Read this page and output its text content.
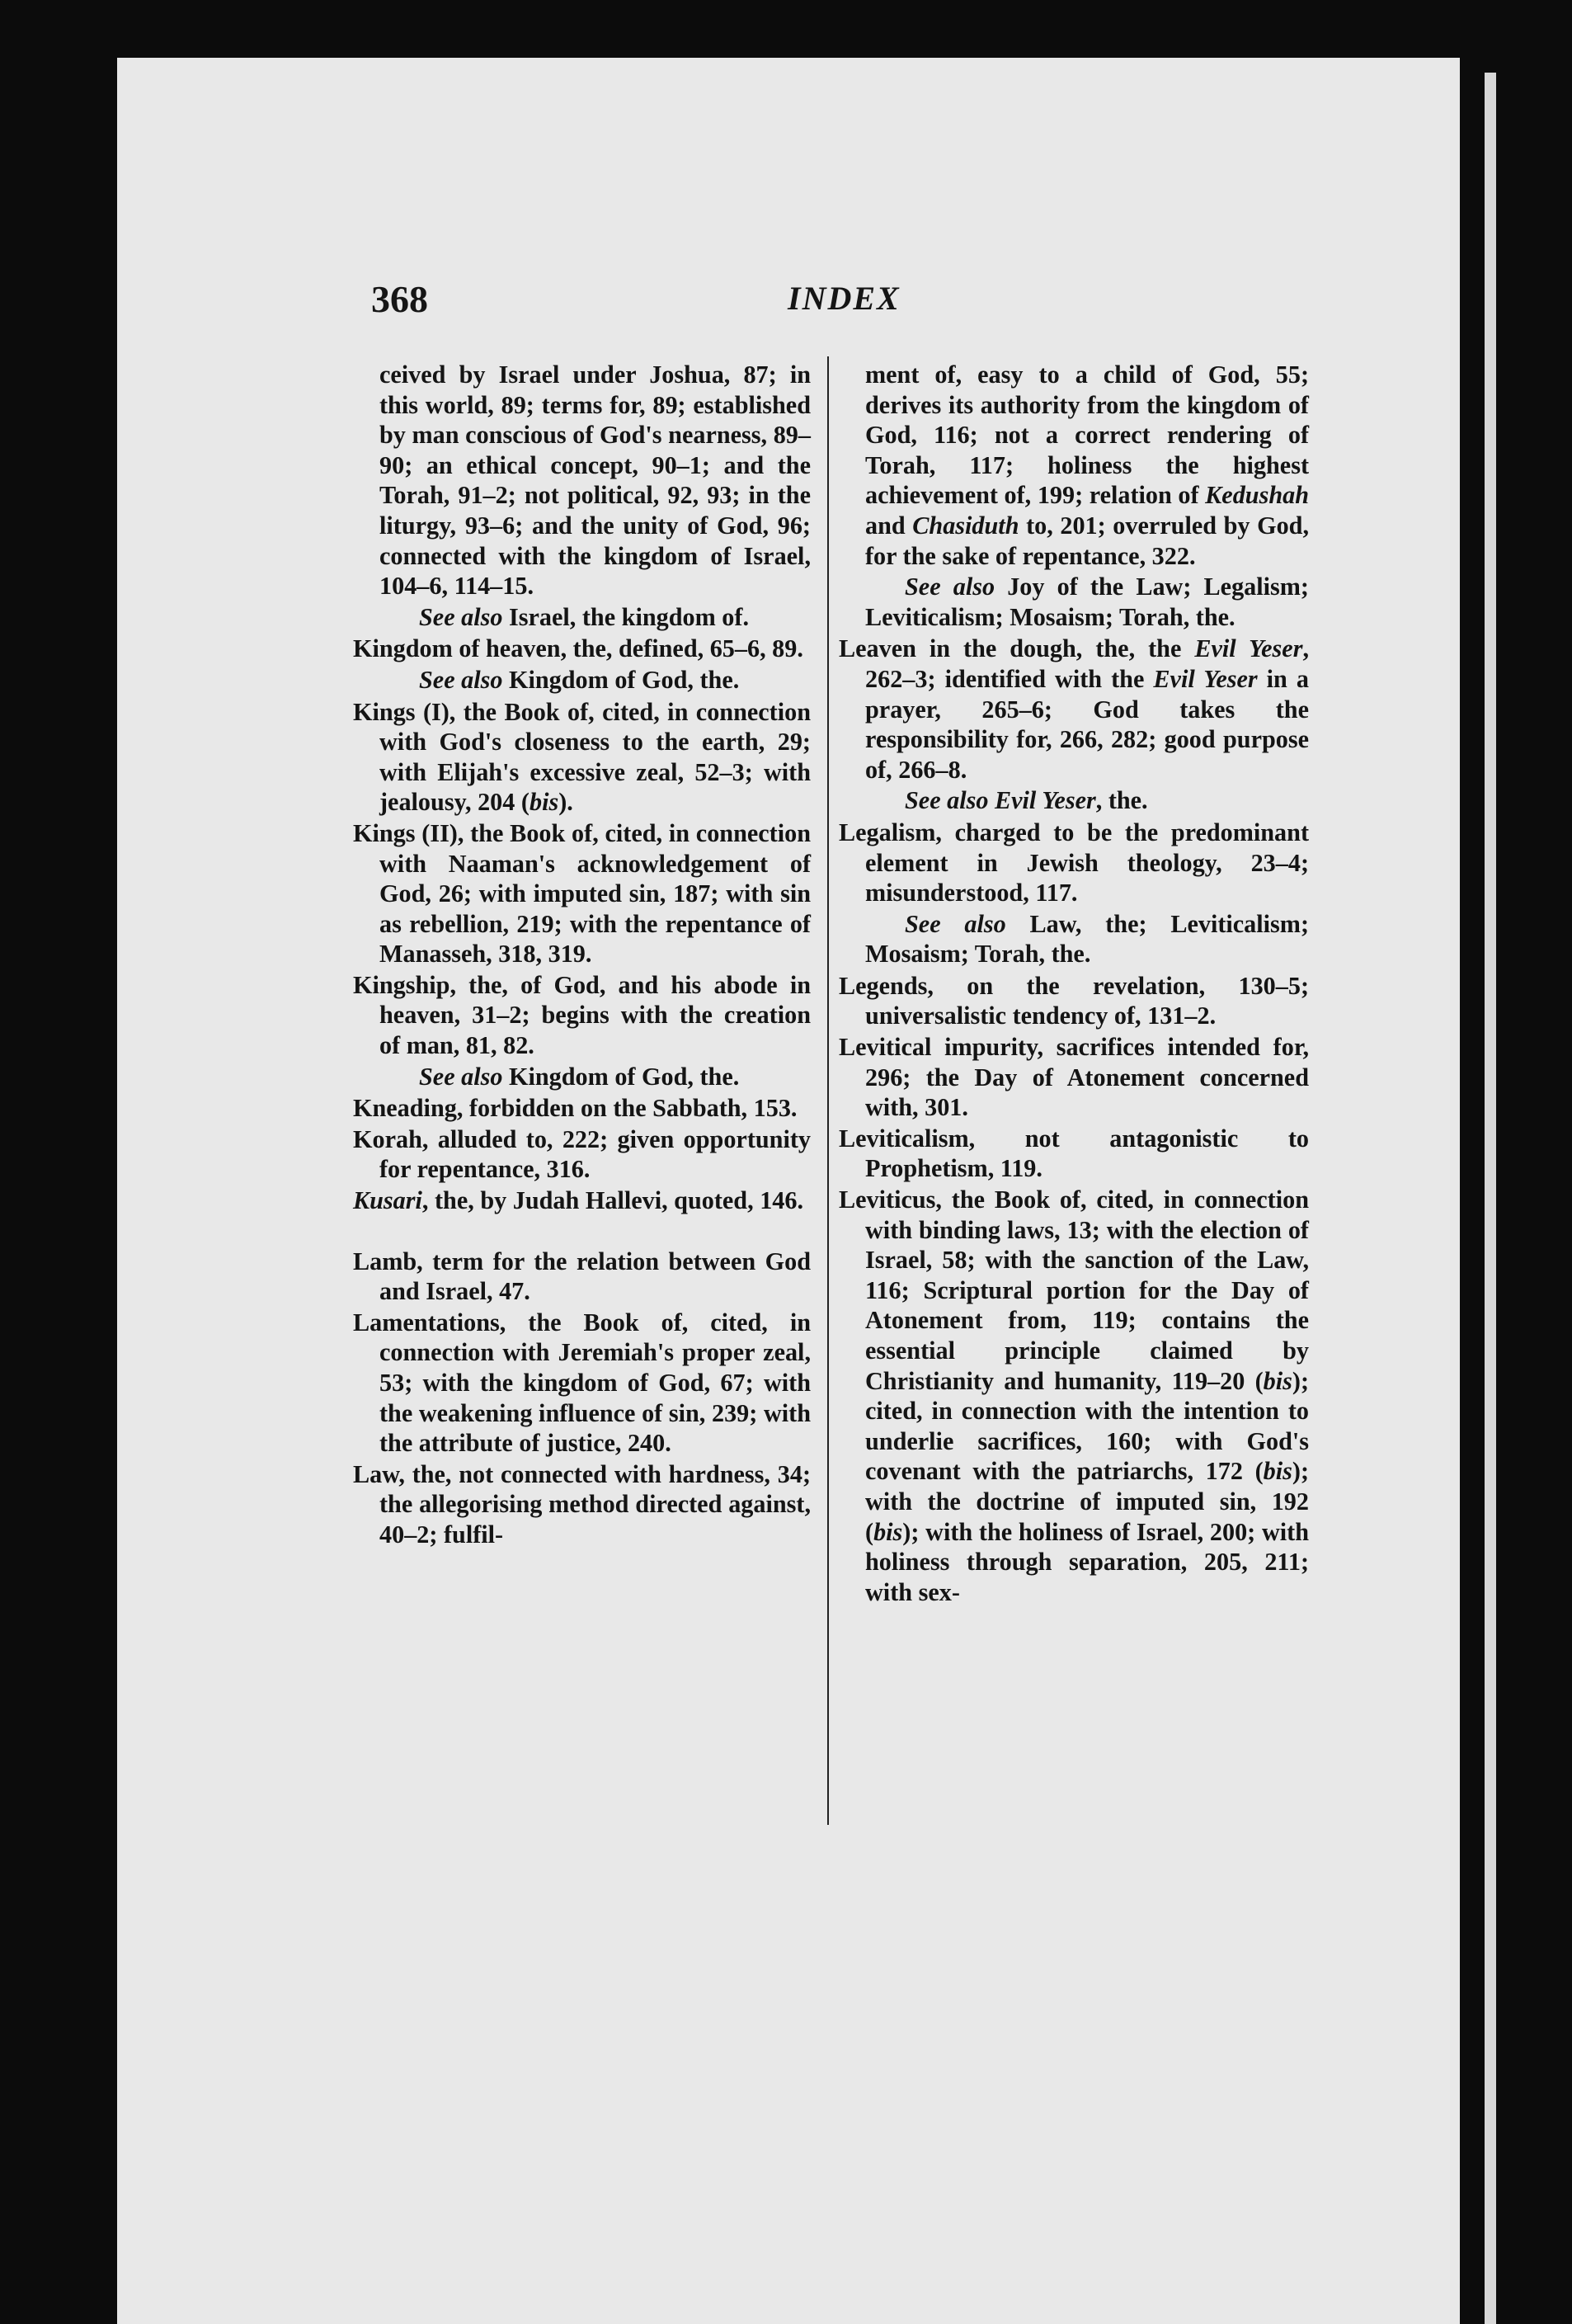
368	INDEX
ceived by Israel under Joshua, 87; in this world, 89; terms for, 89; established by man conscious of God's nearness, 89–90; an ethical concept, 90–1; and the Torah, 91–2; not political, 92, 93; in the liturgy, 93–6; and the unity of God, 96; connected with the kingdom of Israel, 104–6, 114–15.
See also Israel, the kingdom of.
Kingdom of heaven, the, defined, 65–6, 89.
See also Kingdom of God, the.
Kings (I), the Book of, cited, in connection with God's closeness to the earth, 29; with Elijah's excessive zeal, 52–3; with jealousy, 204 (bis).
Kings (II), the Book of, cited, in connection with Naaman's acknowledgement of God, 26; with imputed sin, 187; with sin as rebellion, 219; with the repentance of Manasseh, 318, 319.
Kingship, the, of God, and his abode in heaven, 31–2; begins with the creation of man, 81, 82.
See also Kingdom of God, the.
Kneading, forbidden on the Sabbath, 153.
Korah, alluded to, 222; given opportunity for repentance, 316.
Kusari, the, by Judah Hallevi, quoted, 146.
Lamb, term for the relation between God and Israel, 47.
Lamentations, the Book of, cited, in connection with Jeremiah's proper zeal, 53; with the kingdom of God, 67; with the weakening influence of sin, 239; with the attribute of justice, 240.
Law, the, not connected with hardness, 34; the allegorising method directed against, 40–2; fulfil-
ment of, easy to a child of God, 55; derives its authority from the kingdom of God, 116; not a correct rendering of Torah, 117; holiness the highest achievement of, 199; relation of Kedushah and Chasiduth to, 201; overruled by God, for the sake of repentance, 322.
See also Joy of the Law; Legalism; Leviticalism; Mosaism; Torah, the.
Leaven in the dough, the, the Evil Yeser, 262–3; identified with the Evil Yeser in a prayer, 265–6; God takes the responsibility for, 266, 282; good purpose of, 266–8.
See also Evil Yeser, the.
Legalism, charged to be the predominant element in Jewish theology, 23–4; misunderstood, 117.
See also Law, the; Leviticalism; Mosaism; Torah, the.
Legends, on the revelation, 130–5; universalistic tendency of, 131–2.
Levitical impurity, sacrifices intended for, 296; the Day of Atonement concerned with, 301.
Leviticalism, not antagonistic to Prophetism, 119.
Leviticus, the Book of, cited, in connection with binding laws, 13; with the election of Israel, 58; with the sanction of the Law, 116; Scriptural portion for the Day of Atonement from, 119; contains the essential principle claimed by Christianity and humanity, 119–20 (bis); cited, in connection with the intention to underlie sacrifices, 160; with God's covenant with the patriarchs, 172 (bis); with the doctrine of imputed sin, 192 (bis); with the holiness of Israel, 200; with holiness through separation, 205, 211; with sex-
